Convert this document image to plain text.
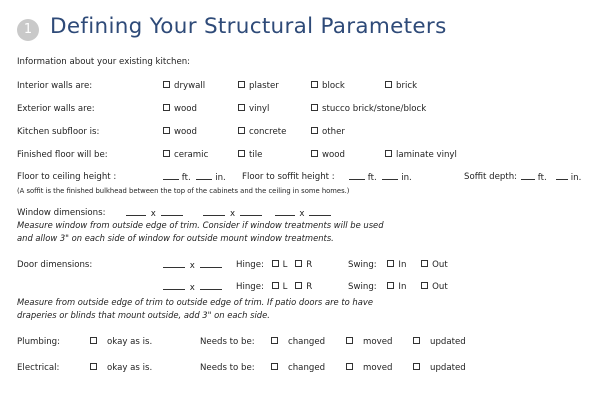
1 Defining Your Structural Parameters
Information about your existing kitchen:
Interior walls are:	drywall	plaster	block	brick
Exterior walls are:	wood	vinyl	stucco brick/stone/block
Kitchen subfloor is:	wood	concrete	other
Finished floor will be:	ceramic	tile	wood	laminate vinyl
Floor to ceiling height :	ft.	in. Floor to soffit height :	ft.	in.	Soffit depth:	ft.	in.
(A soffit is the finished bulkhead between the top of the cabinets and the ceiling in some homes.)
Window dimensions:	x	x	x
Measure window from outside edge of trim. Consider if window treatments will be used
and allow 3" on each side of window for outside mount window treatments.
Door dimensions:	x	Hinge: L R	Swing:	In	Out
x	Hinge: L R	Swing:	In	Out
Measure from outside edge of trim to outside edge of trim. If patio doors are to have
draperies or blinds that mount outside, add 3" on each side.
Plumbing:	okay as is.	Needs to be:	changed	moved	updated
Electrical:	okay as is.	Needs to be:	changed	moved	updated
